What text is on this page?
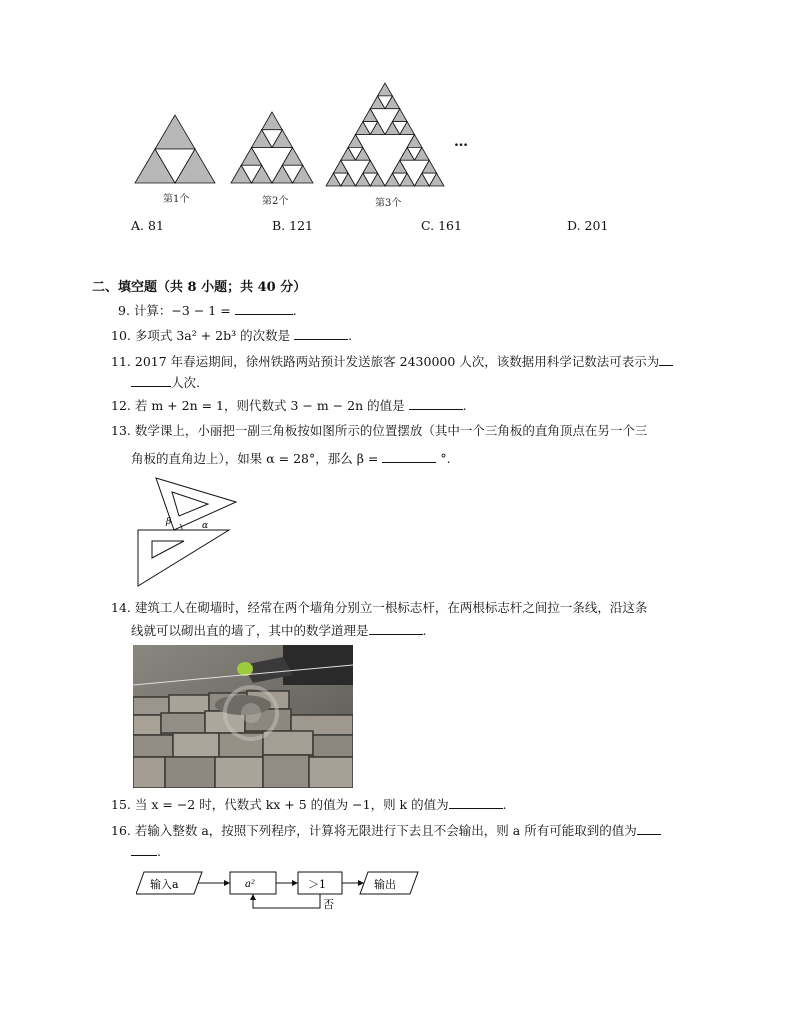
第1个	第2个	第3个
…
A. 81	B. 121	C. 161	D. 201
二、填空题（共 8 小题；共 40 分）
9. 计算：−3 − 1 =	.
10. 多项式 3a² + 2b³ 的次数是	.
11. 2017 年春运期间，徐州铁路两站预计发送旅客 2430000 人次，该数据用科学记数法可表示为
人次.
12. 若 m + 2n = 1，则代数式 3 − m − 2n 的值是	.
13. 数学课上，小丽把一副三角板按如图所示的位置摆放（其中一个三角板的直角顶点在另一个三
角板的直角边上），如果 α = 28°，那么 β =	°.
β	α
14. 建筑工人在砌墙时，经常在两个墙角分别立一根标志杆，在两根标志杆之间拉一条线，沿这条
线就可以砌出直的墙了，其中的数学道理是	.
15. 当 x = −2 时，代数式 kx + 5 的值为 −1，则 k 的值为	.
16. 若输入整数 a，按照下列程序，计算将无限进行下去且不会输出，则 a 所有可能取到的值为
.
输入a	a²	＞1	输出
否
